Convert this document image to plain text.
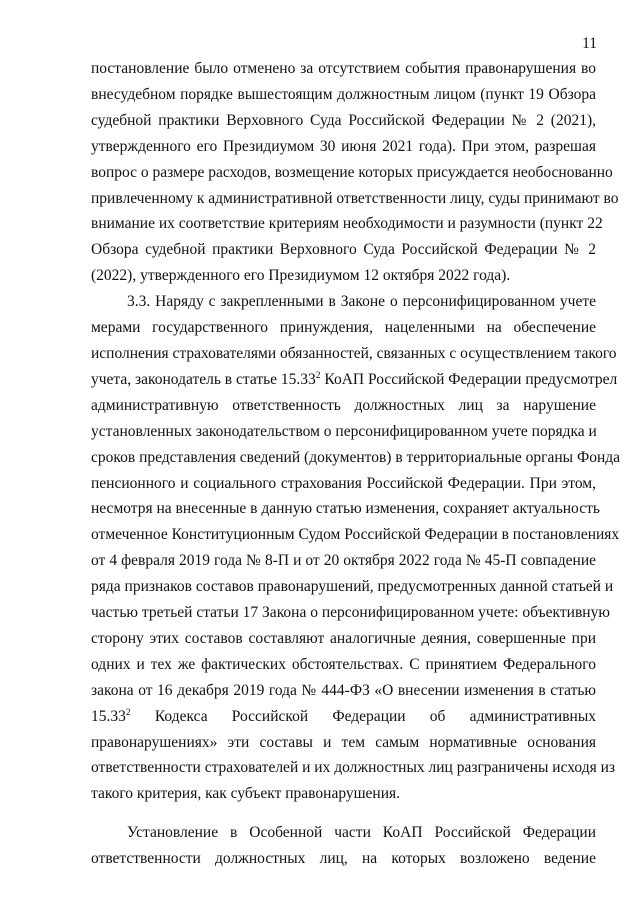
11

постановление было отменено за отсутствием события правонарушения во
внесудебном порядке вышестоящим должностным лицом (пункт 19 Обзора
судебной практики Верховного Суда Российской Федерации № 2 (2021),
утвержденного его Президиумом 30 июня 2021 года). При этом, разрешая
вопрос о размере расходов, возмещение которых присуждается необоснованно
привлеченному к административной ответственности лицу, суды принимают во
внимание их соответствие критериям необходимости и разумности (пункт 22
Обзора судебной практики Верховного Суда Российской Федерации № 2
(2022), утвержденного его Президиумом 12 октября 2022 года).

3.3. Наряду с закрепленными в Законе о персонифицированном учете
мерами государственного принуждения, нацеленными на обеспечение
исполнения страхователями обязанностей, связанных с осуществлением такого
учета, законодатель в статье 15.33$^2$ КоАП Российской Федерации предусмотрел
административную ответственность должностных лиц за нарушение
установленных законодательством о персонифицированном учете порядка и
сроков представления сведений (документов) в территориальные органы Фонда
пенсионного и социального страхования Российской Федерации. При этом,
несмотря на внесенные в данную статью изменения, сохраняет актуальность
отмеченное Конституционным Судом Российской Федерации в постановлениях
от 4 февраля 2019 года № 8-П и от 20 октября 2022 года № 45-П совпадение
ряда признаков составов правонарушений, предусмотренных данной статьей и
частью третьей статьи 17 Закона о персонифицированном учете: объективную
сторону этих составов составляют аналогичные деяния, совершенные при
одних и тех же фактических обстоятельствах. С принятием Федерального
закона от 16 декабря 2019 года № 444-ФЗ «О внесении изменения в статью
15.33$^2$ Кодекса Российской Федерации об административных
правонарушениях» эти составы и тем самым нормативные основания
ответственности страхователей и их должностных лиц разграничены исходя из
такого критерия, как субъект правонарушения.

Установление в Особенной части КоАП Российской Федерации
ответственности должностных лиц, на которых возложено ведение
